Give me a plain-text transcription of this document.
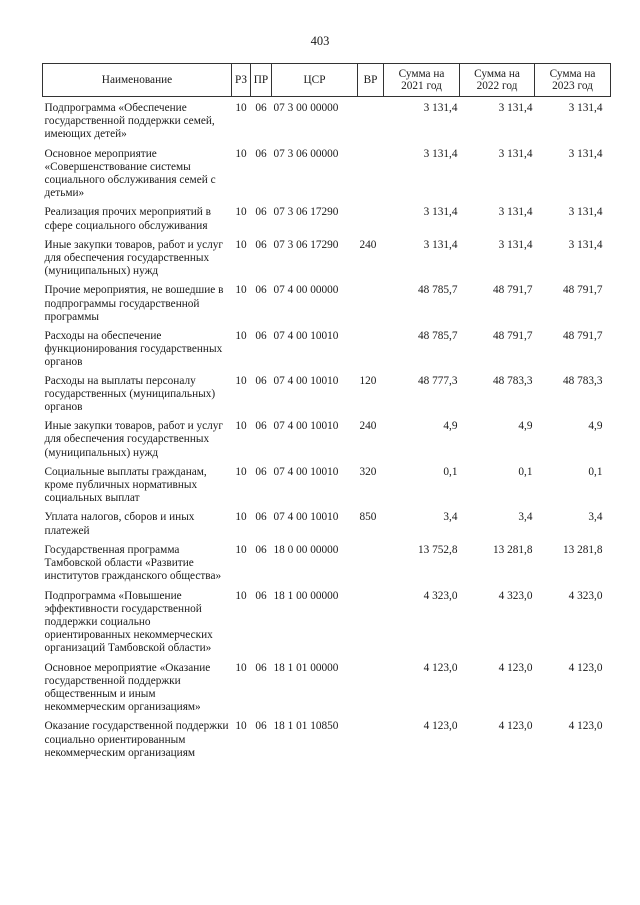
403
Наименование	РЗ	ПР	ЦСР	ВР	Сумма на 2021 год	Сумма на 2022 год	Сумма на 2023 год
Подпрограмма «Обеспечение государственной поддержки семей, имеющих детей»	10	06	07 3 00 00000		3 131,4	3 131,4	3 131,4
Основное мероприятие «Совершенствование системы социального обслуживания семей с детьми»	10	06	07 3 06 00000		3 131,4	3 131,4	3 131,4
Реализация прочих мероприятий в сфере социального обслуживания	10	06	07 3 06 17290		3 131,4	3 131,4	3 131,4
Иные закупки товаров, работ и услуг для обеспечения государственных (муниципальных) нужд	10	06	07 3 06 17290	240	3 131,4	3 131,4	3 131,4
Прочие мероприятия, не вошедшие в подпрограммы государственной программы	10	06	07 4 00 00000		48 785,7	48 791,7	48 791,7
Расходы на обеспечение функционирования государственных органов	10	06	07 4 00 10010		48 785,7	48 791,7	48 791,7
Расходы на выплаты персоналу государственных (муниципальных) органов	10	06	07 4 00 10010	120	48 777,3	48 783,3	48 783,3
Иные закупки товаров, работ и услуг для обеспечения государственных (муниципальных) нужд	10	06	07 4 00 10010	240	4,9	4,9	4,9
Социальные выплаты гражданам, кроме публичных нормативных социальных выплат	10	06	07 4 00 10010	320	0,1	0,1	0,1
Уплата налогов, сборов и иных платежей	10	06	07 4 00 10010	850	3,4	3,4	3,4
Государственная программа Тамбовской области «Развитие институтов гражданского общества»	10	06	18 0 00 00000		13 752,8	13 281,8	13 281,8
Подпрограмма «Повышение эффективности государственной поддержки социально ориентированных некоммерческих организаций Тамбовской области»	10	06	18 1 00 00000		4 323,0	4 323,0	4 323,0
Основное мероприятие «Оказание государственной поддержки общественным и иным некоммерческим организациям»	10	06	18 1 01 00000		4 123,0	4 123,0	4 123,0
Оказание государственной поддержки социально ориентированным некоммерческим организациям	10	06	18 1 01 10850		4 123,0	4 123,0	4 123,0
